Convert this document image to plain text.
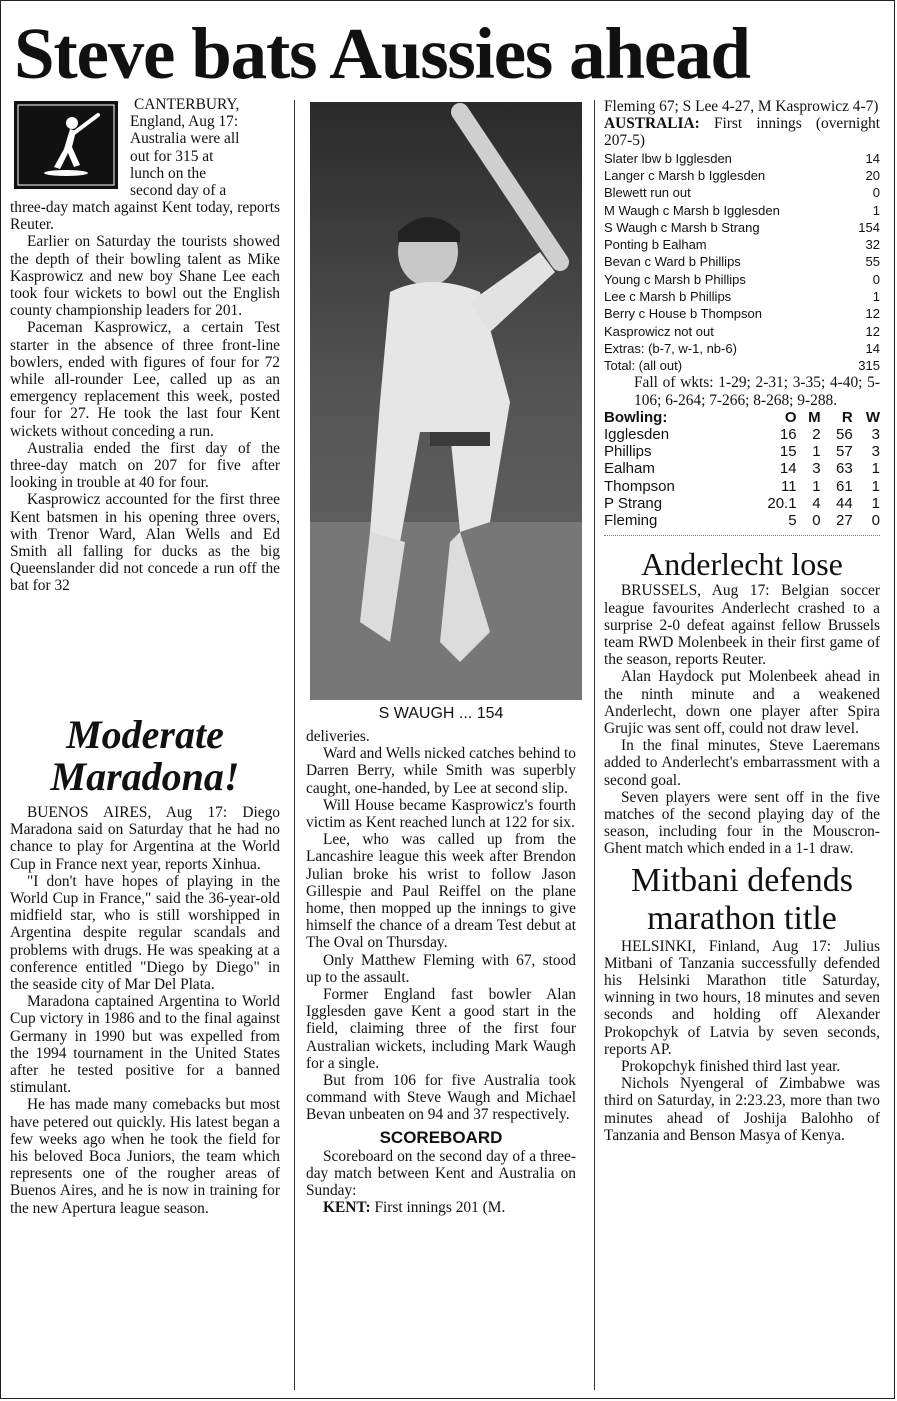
Steve bats Aussies ahead
CANTERBURY,
England, Aug 17:
Australia were all
out for 315 at
lunch on the
second day of a

three-day match against Kent today, reports Reuter.

Earlier on Saturday the tourists showed the depth of their bowling talent as Mike Kasprowicz and new boy Shane Lee each took four wickets to bowl out the English county championship leaders for 201.

Paceman Kasprowicz, a certain Test starter in the absence of three front-line bowlers, ended with figures of four for 72 while all-rounder Lee, called up as an emergency replacement this week, posted four for 27. He took the last four Kent wickets without conceding a run.

Australia ended the first day of the three-day match on 207 for five after looking in trouble at 40 for four.

Kasprowicz accounted for the first three Kent batsmen in his opening three overs, with Trenor Ward, Alan Wells and Ed Smith all falling for ducks as the big Queenslander did not concede a run off the bat for 32

Moderate
Maradona!

BUENOS AIRES, Aug 17: Diego Maradona said on Saturday that he had no chance to play for Argentina at the World Cup in France next year, reports Xinhua.

"I don't have hopes of playing in the World Cup in France," said the 36-year-old midfield star, who is still worshipped in Argentina despite regular scandals and problems with drugs. He was speaking at a conference entitled "Diego by Diego" in the seaside city of Mar Del Plata.

Maradona captained Argentina to World Cup victory in 1986 and to the final against Germany in 1990 but was expelled from the 1994 tournament in the United States after he tested positive for a banned stimulant.

He has made many comebacks but most have petered out quickly. His latest began a few weeks ago when he took the field for his beloved Boca Juniors, the team which represents one of the rougher areas of Buenos Aires, and he is now in training for the new Apertura league season.

S WAUGH ... 154

deliveries.

Ward and Wells nicked catches behind to Darren Berry, while Smith was superbly caught, one-handed, by Lee at second slip.

Will House became Kasprowicz's fourth victim as Kent reached lunch at 122 for six.

Lee, who was called up from the Lancashire league this week after Brendon Julian broke his wrist to follow Jason Gillespie and Paul Reiffel on the plane home, then mopped up the innings to give himself the chance of a dream Test debut at The Oval on Thursday.

Only Matthew Fleming with 67, stood up to the assault.

Former England fast bowler Alan Igglesden gave Kent a good start in the field, claiming three of the first four Australian wickets, including Mark Waugh for a single.

But from 106 for five Australia took command with Steve Waugh and Michael Bevan unbeaten on 94 and 37 respectively.

SCOREBOARD

Scoreboard on the second day of a three-day match between Kent and Australia on Sunday:

KENT: First innings 201 (M.

Fleming 67; S Lee 4-27, M Kasprowicz 4-7)

AUSTRALIA: First innings (overnight 207-5)

Slater lbw b Igglesden	14
Langer c Marsh b Igglesden	20
Blewett run out	0
M Waugh c Marsh b Igglesden	1
S Waugh c Marsh b Strang	154
Ponting b Ealham	32
Bevan c Ward b Phillips	55
Young c Marsh b Phillips	0
Lee c Marsh b Phillips	1
Berry c House b Thompson	12
Kasprowicz not out	12
Extras: (b-7, w-1, nb-6)	14
Total: (all out)	315

Fall of wkts: 1-29; 2-31; 3-35; 4-40; 5-106; 6-264; 7-266; 8-268; 9-288.

Bowling:	O	M	R	W
Igglesden	16	2	56	3
Phillips	15	1	57	3
Ealham	14	3	63	1
Thompson	11	1	61	1
P Strang	20.1	4	44	1
Fleming	5	0	27	0
Anderlecht lose

BRUSSELS, Aug 17: Belgian soccer league favourites Anderlecht crashed to a surprise 2-0 defeat against fellow Brussels team RWD Molenbeek in their first game of the season, reports Reuter.

Alan Haydock put Molenbeek ahead in the ninth minute and a weakened Anderlecht, down one player after Spira Grujic was sent off, could not draw level.

In the final minutes, Steve Laeremans added to Anderlecht's embarrassment with a second goal.

Seven players were sent off in the five matches of the second playing day of the season, including four in the Mouscron-Ghent match which ended in a 1-1 draw.

Mitbani defends
marathon title

HELSINKI, Finland, Aug 17: Julius Mitbani of Tanzania successfully defended his Helsinki Marathon title Saturday, winning in two hours, 18 minutes and seven seconds and holding off Alexander Prokopchyk of Latvia by seven seconds, reports AP.

Prokopchyk finished third last year.

Nichols Nyengeral of Zimbabwe was third on Saturday, in 2:23.23, more than two minutes ahead of Joshija Balohho of Tanzania and Benson Masya of Kenya.
